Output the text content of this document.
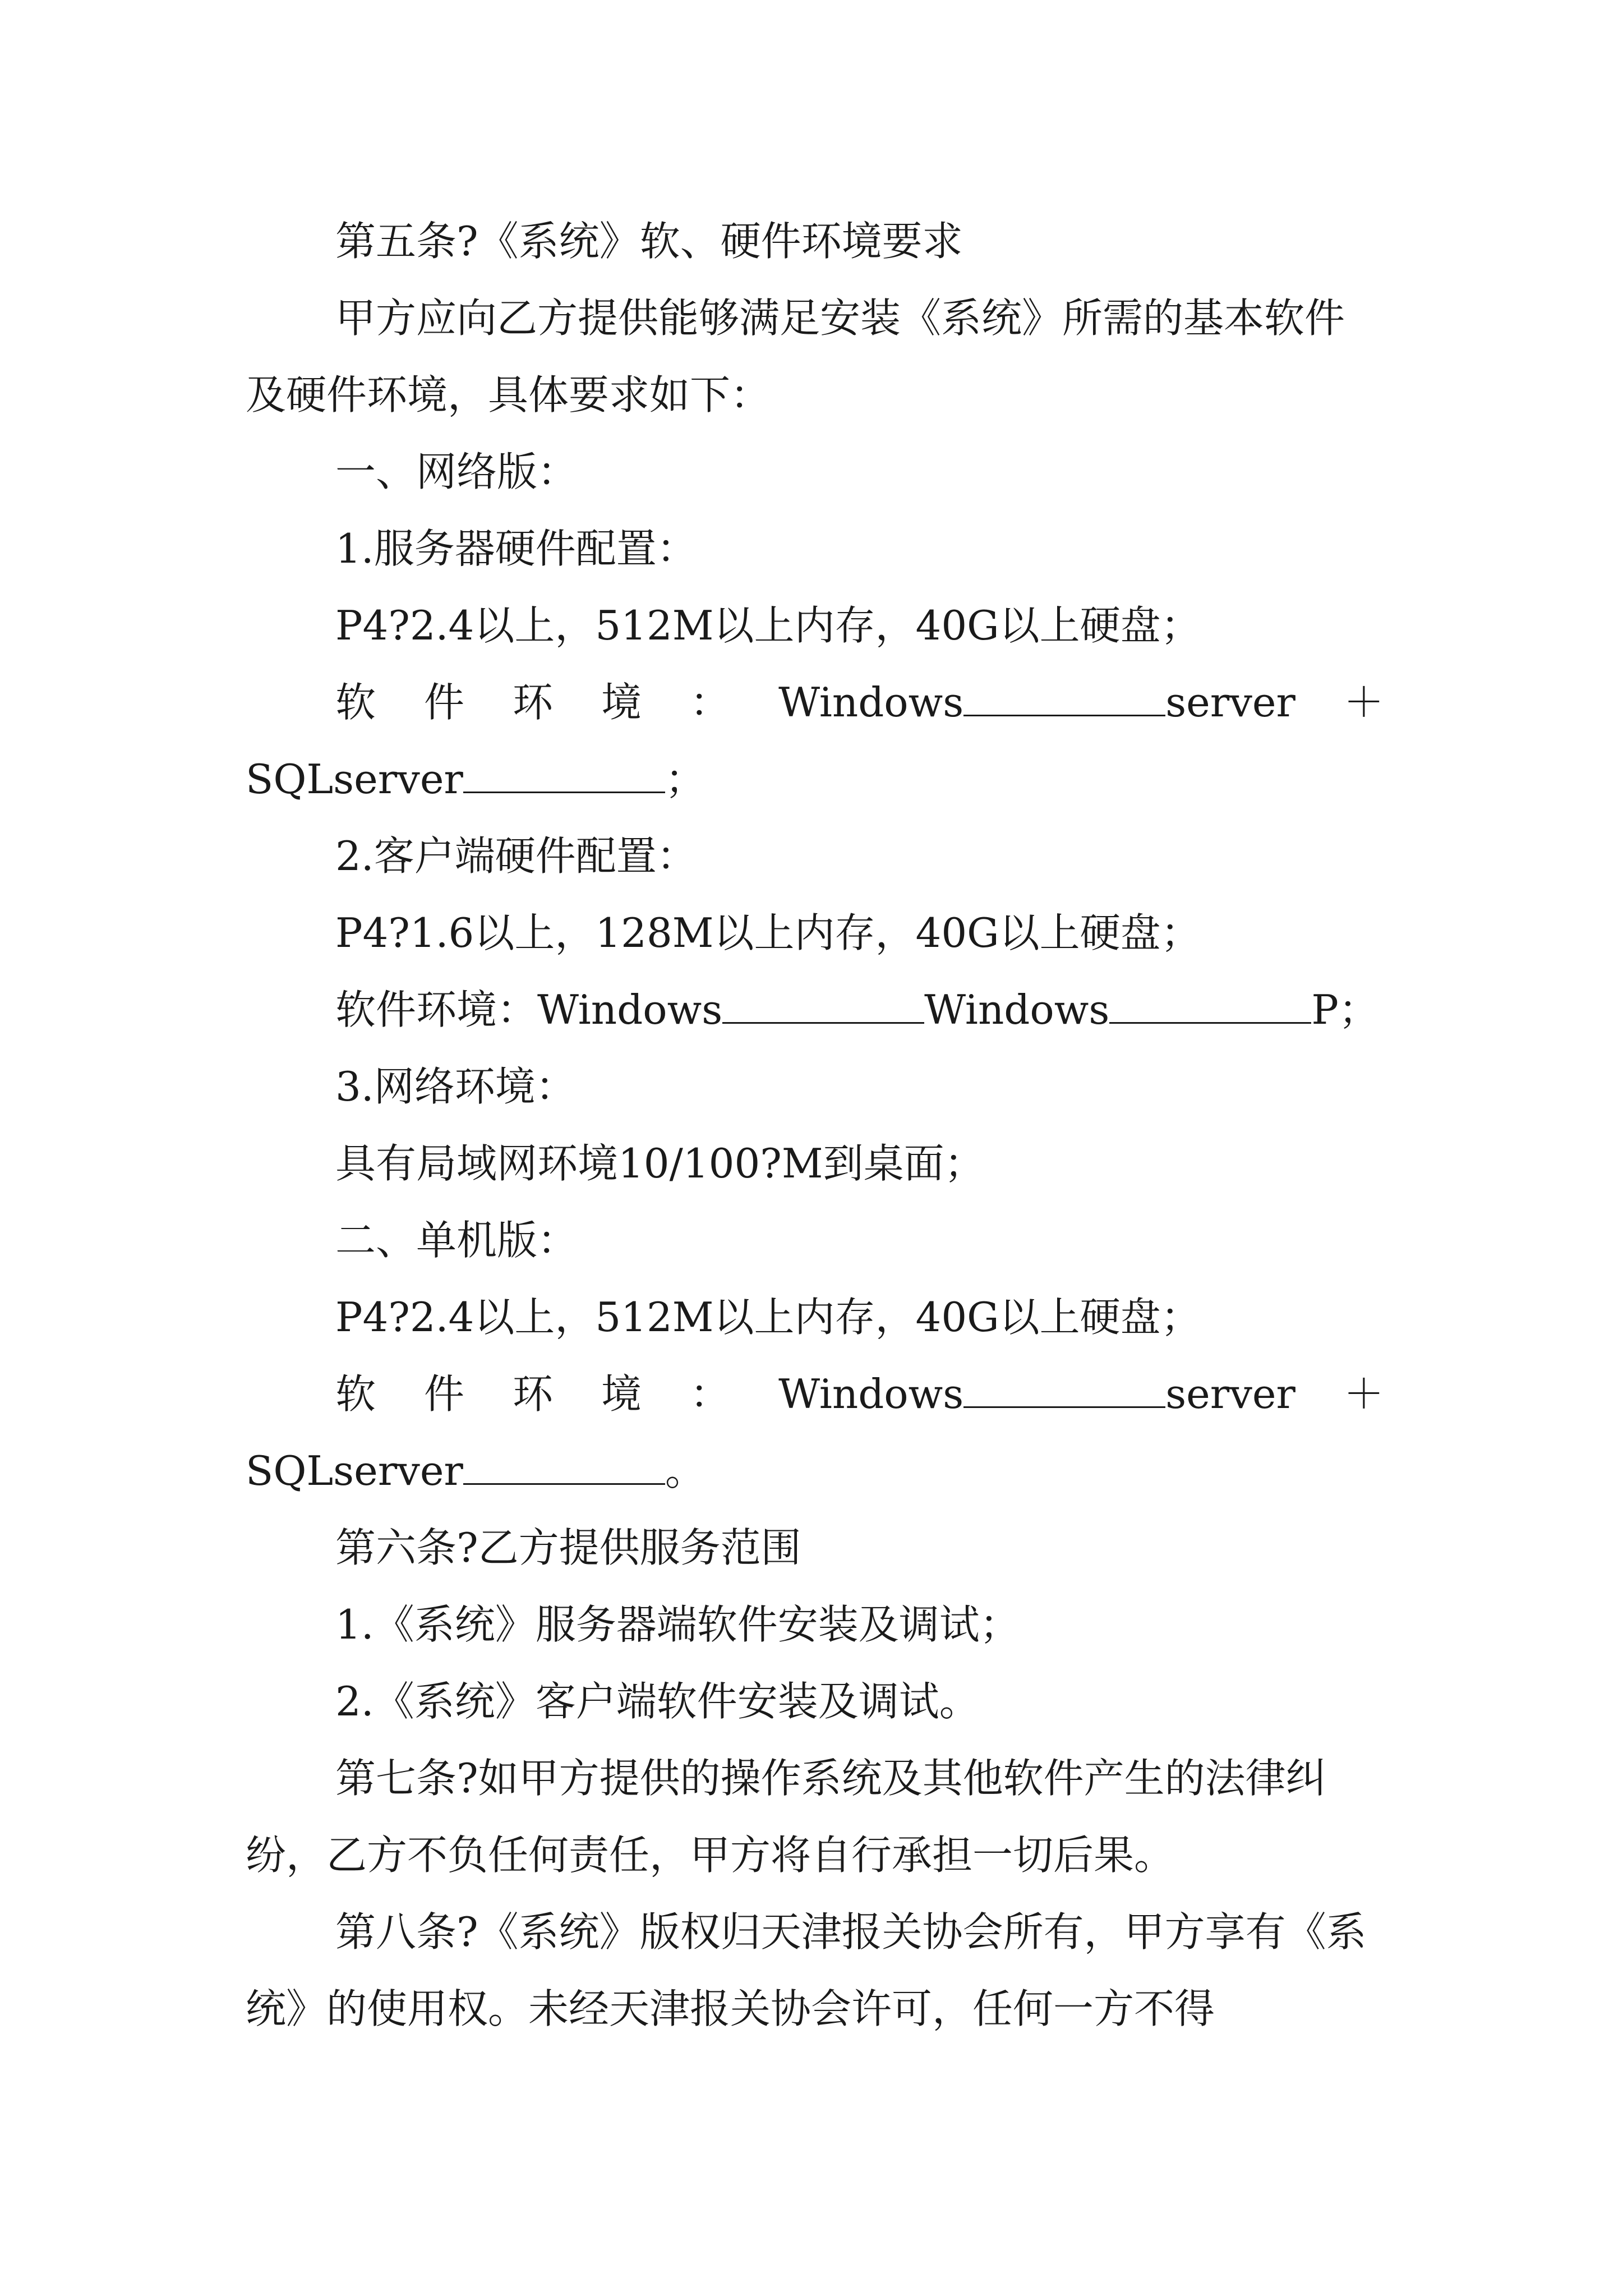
第五条?《系统》软、硬件环境要求

甲方应向乙方提供能够满足安装《系统》所需的基本软件及硬件环境，具体要求如下：

一、网络版：

1.服务器硬件配置：

P4?2.4以上，512M以上内存，40G以上硬盘；

软 件 环 境 ： Windows	server ＋
SQLserver	；

2.客户端硬件配置：

P4?1.6以上，128M以上内存，40G以上硬盘；

软件环境：Windows	Windows	P；

3.网络环境：

具有局域网环境10/100?M到桌面；

二、单机版：

P4?2.4以上，512M以上内存，40G以上硬盘；

软 件 环 境 ： Windows	server ＋
SQLserver	。

第六条?乙方提供服务范围

1.《系统》服务器端软件安装及调试；

2.《系统》客户端软件安装及调试。

第七条?如甲方提供的操作系统及其他软件产生的法律纠纷，乙方不负任何责任，甲方将自行承担一切后果。

第八条?《系统》版权归天津报关协会所有，甲方享有《系统》的使用权。未经天津报关协会许可，任何一方不得
